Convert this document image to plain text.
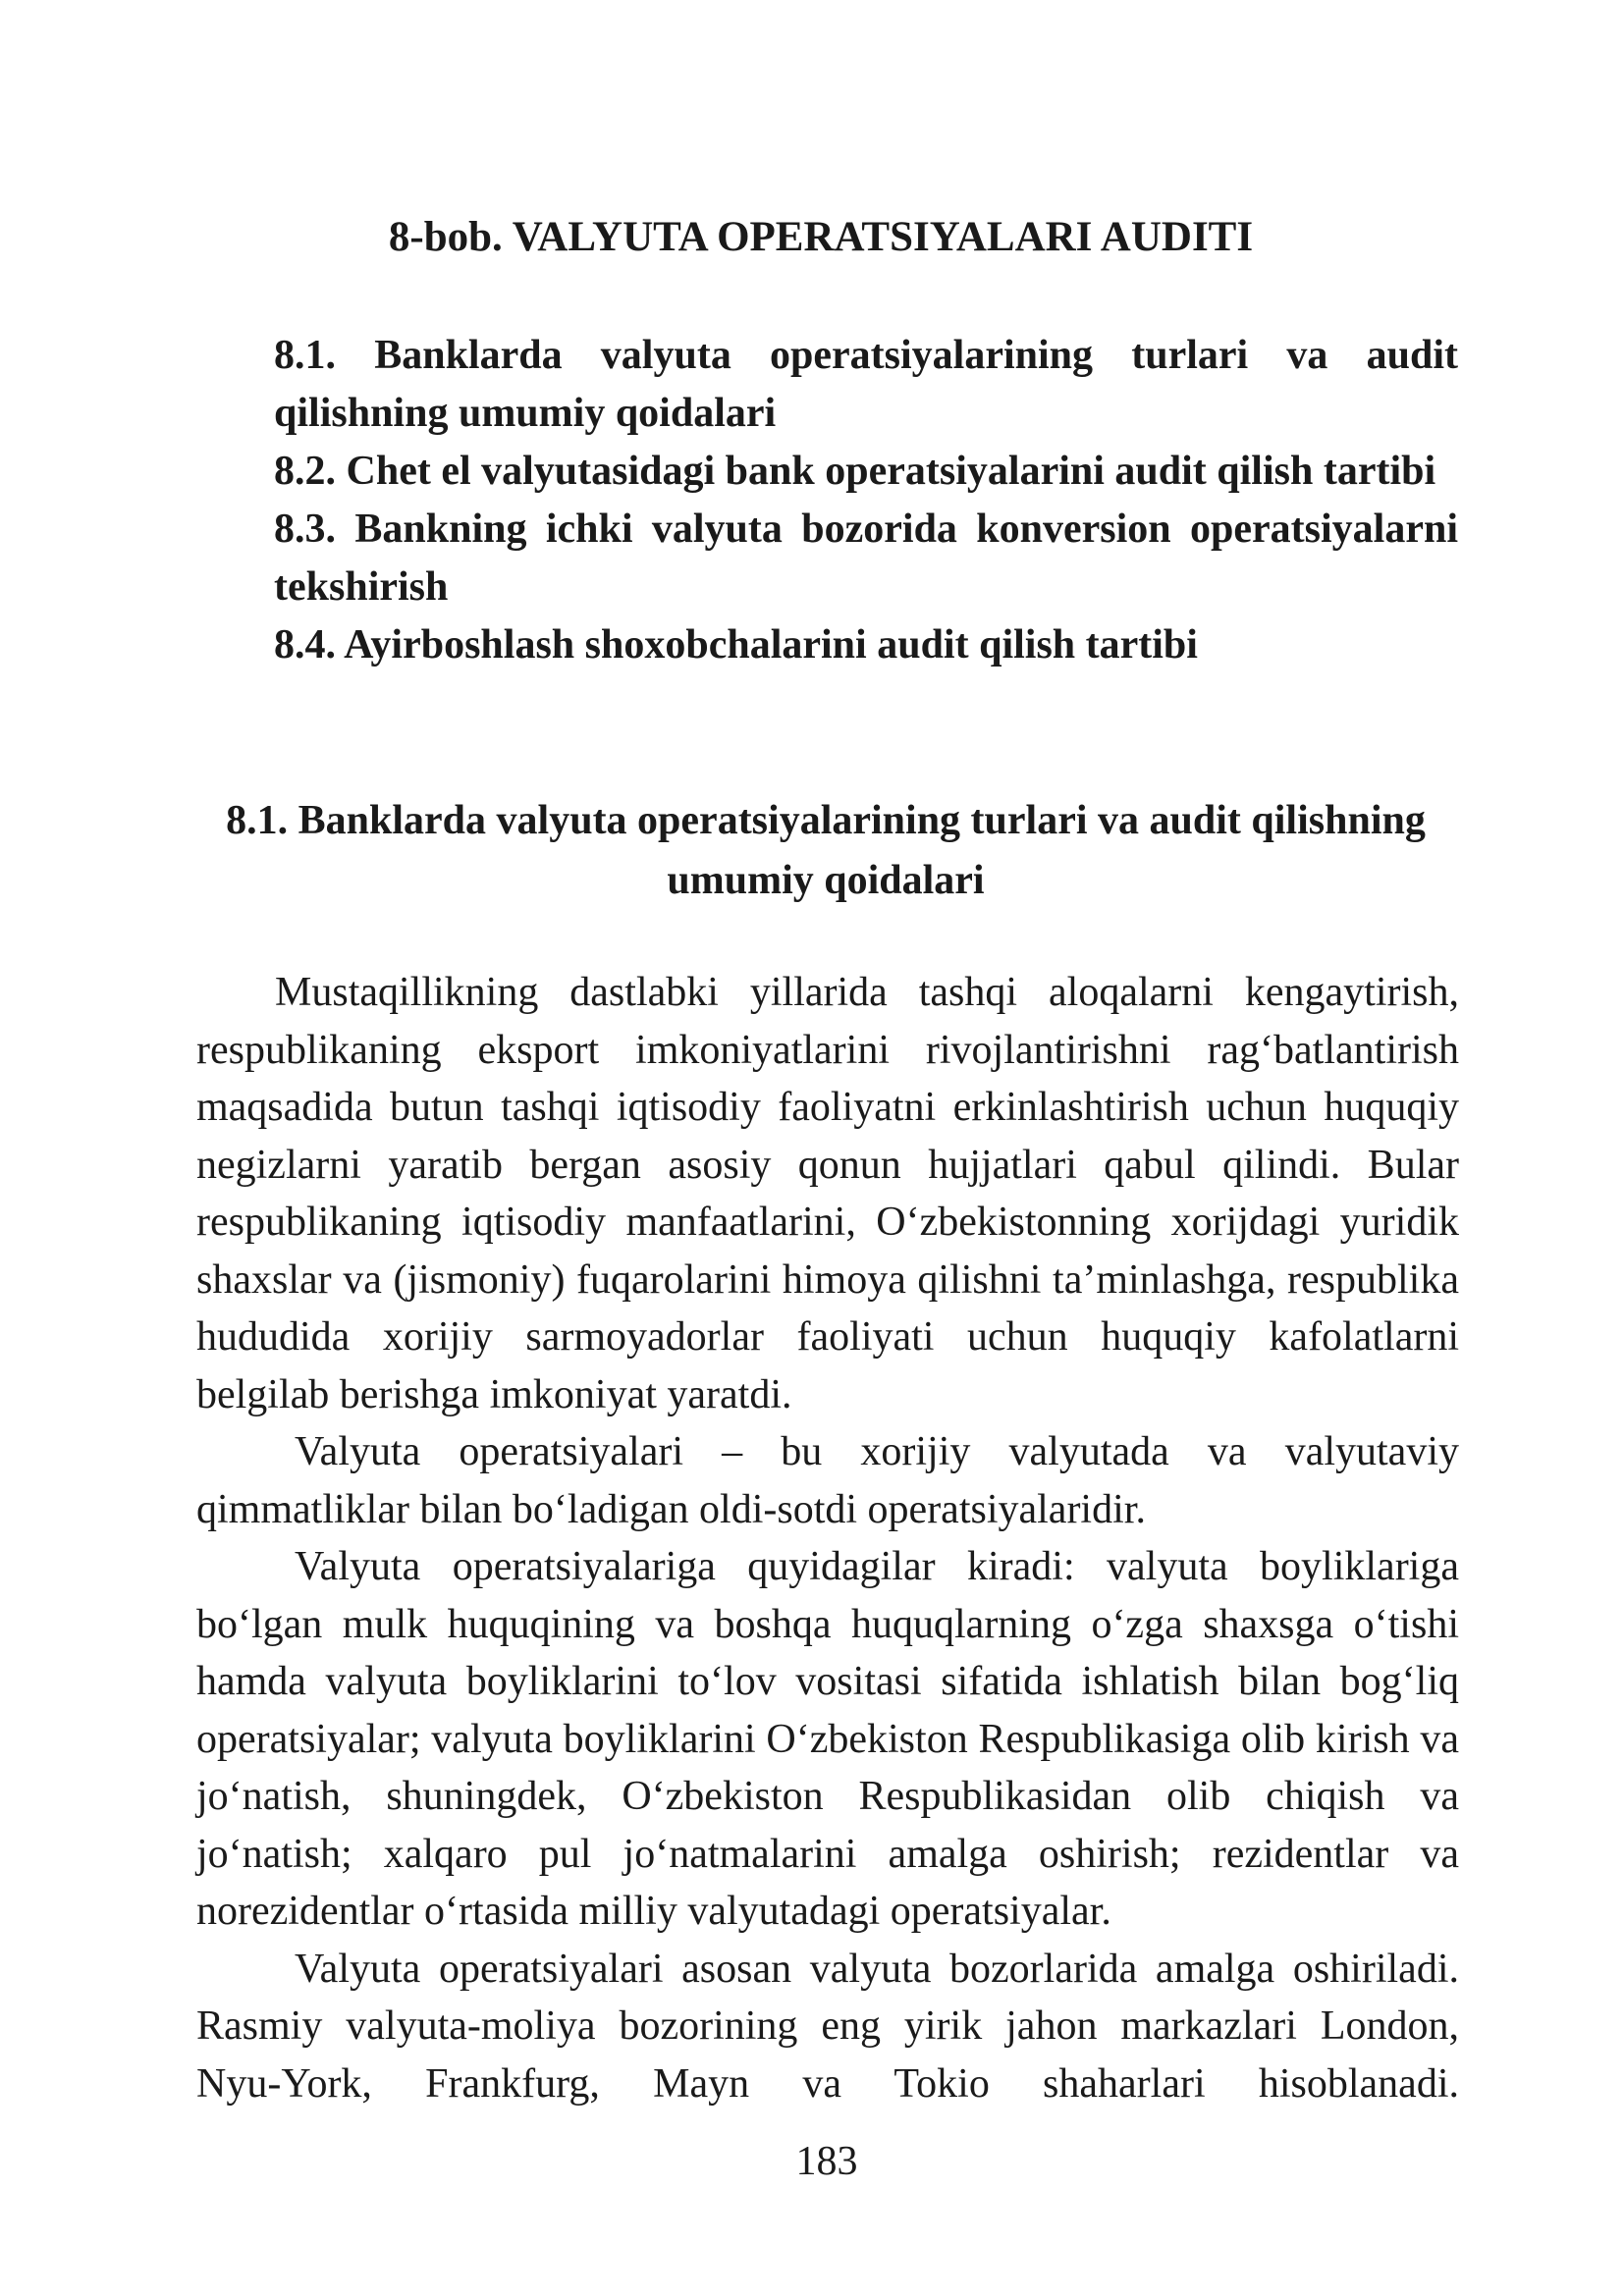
8-bob. VALYUTA OPERATSIYALARI AUDITI
8.1. Banklarda valyuta operatsiyalarining turlari va audit qilishning umumiy qoidalari
8.2. Chet el valyutasidagi bank operatsiyalarini audit qilish tartibi
8.3. Bankning ichki valyuta bozorida konversion operatsiyalarni tekshirish
8.4. Ayirboshlash shoxobchalarini audit qilish tartibi
8.1. Banklarda valyuta operatsiyalarining turlari va audit qilishning umumiy qoidalari

Mustaqillikning dastlabki yillarida tashqi aloqalarni kengaytirish, respublikaning eksport imkoniyatlarini rivojlantirishni rag‘batlantirish maqsadida butun tashqi iqtisodiy faoliyatni erkinlashtirish uchun huquqiy negizlarni yaratib bergan asosiy qonun hujjatlari qabul qilindi. Bular respublikaning iqtisodiy manfaatlarini, O‘zbekistonning xorijdagi yuridik shaxslar va (jismoniy) fuqarolarini himoya qilishni ta’minlashga, respublika hududida xorijiy sarmoyadorlar faoliyati uchun huquqiy kafolatlarni belgilab berishga imkoniyat yaratdi.

Valyuta operatsiyalari – bu xorijiy valyutada va valyutaviy qimmatliklar bilan bo‘ladigan oldi-sotdi operatsiyalaridir.

Valyuta operatsiyalariga quyidagilar kiradi: valyuta boyliklariga bo‘lgan mulk huquqining va boshqa huquqlarning o‘zga shaxsga o‘tishi hamda valyuta boyliklarini to‘lov vositasi sifatida ishlatish bilan bog‘liq operatsiyalar; valyuta boyliklarini O‘zbekiston Respublikasiga olib kirish va jo‘natish, shuningdek, O‘zbekiston Respublikasidan olib chiqish va jo‘natish; xalqaro pul jo‘natmalarini amalga oshirish; rezidentlar va norezidentlar o‘rtasida milliy valyutadagi operatsiyalar.

Valyuta operatsiyalari asosan valyuta bozorlarida amalga oshiriladi. Rasmiy valyuta-moliya bozorining eng yirik jahon markazlari London, Nyu-York, Frankfurg, Mayn va Tokio shaharlari hisoblanadi.

183
